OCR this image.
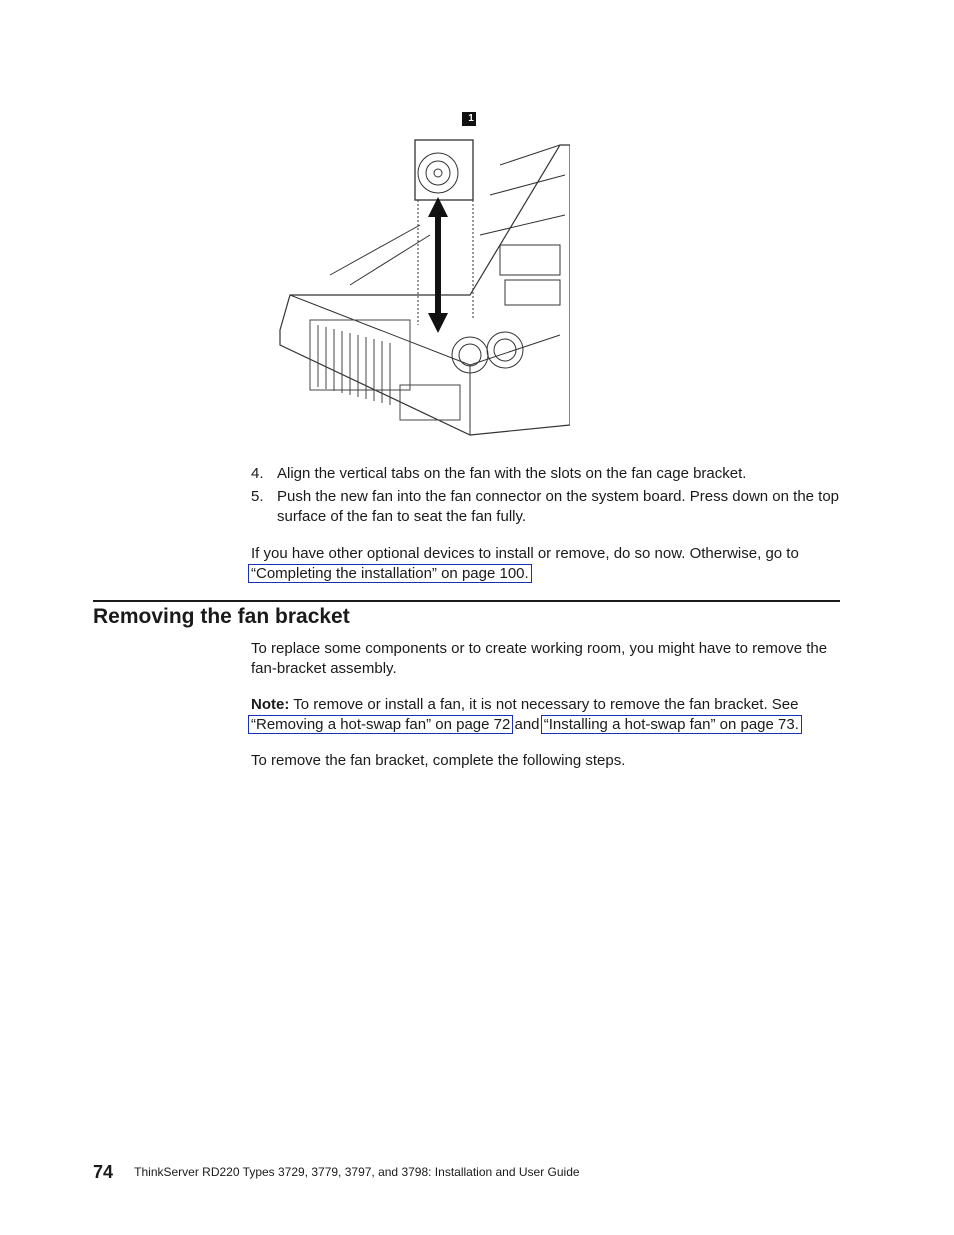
1
4. Align the vertical tabs on the fan with the slots on the fan cage bracket.
5. Push the new fan into the fan connector on the system board. Press down on the top surface of the fan to seat the fan fully.

If you have other optional devices to install or remove, do so now. Otherwise, go to “Completing the installation” on page 100.

Removing the fan bracket

To replace some components or to create working room, you might have to remove the fan-bracket assembly.

Note: To remove or install a fan, it is not necessary to remove the fan bracket. See “Removing a hot-swap fan” on page 72 and “Installing a hot-swap fan” on page 73.

To remove the fan bracket, complete the following steps.

74 ThinkServer RD220 Types 3729, 3779, 3797, and 3798: Installation and User Guide
